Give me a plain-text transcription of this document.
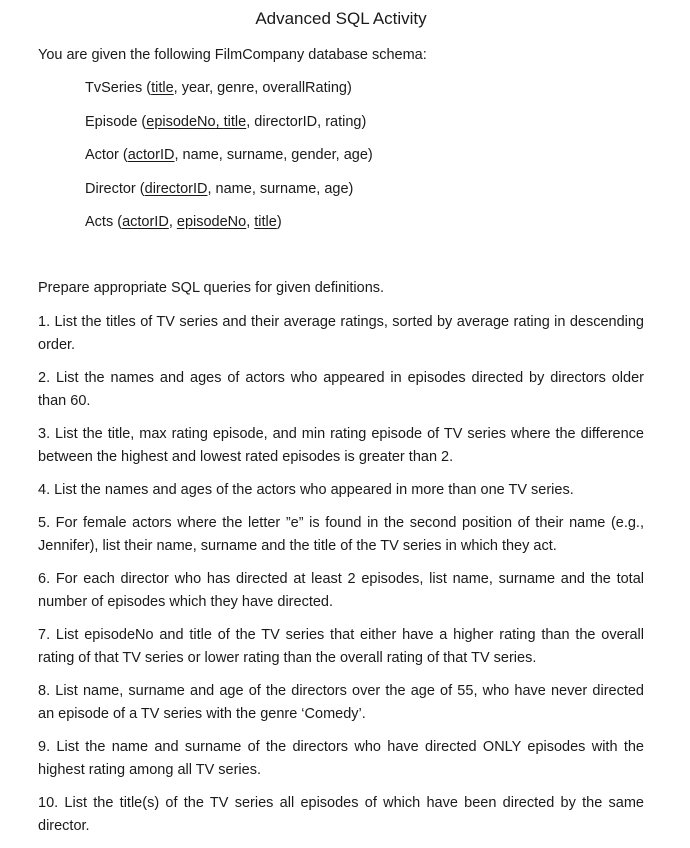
Advanced SQL Activity
You are given the following FilmCompany database schema:
TvSeries (title, year, genre, overallRating)
Episode (episodeNo, title, directorID, rating)
Actor (actorID, name, surname, gender, age)
Director (directorID, name, surname, age)
Acts (actorID, episodeNo, title)
Prepare appropriate SQL queries for given definitions.

1. List the titles of TV series and their average ratings, sorted by average rating in descending order.

2. List the names and ages of actors who appeared in episodes directed by directors older than 60.

3. List the title, max rating episode, and min rating episode of TV series where the difference between the highest and lowest rated episodes is greater than 2.

4. List the names and ages of the actors who appeared in more than one TV series.

5. For female actors where the letter ”e” is found in the second position of their name (e.g., Jennifer), list their name, surname and the title of the TV series in which they act.

6. For each director who has directed at least 2 episodes, list name, surname and the total number of episodes which they have directed.

7. List episodeNo and title of the TV series that either have a higher rating than the overall rating of that TV series or lower rating than the overall rating of that TV series.

8. List name, surname and age of the directors over the age of 55, who have never directed an episode of a TV series with the genre ‘Comedy’.

9. List the name and surname of the directors who have directed ONLY episodes with the highest rating among all TV series.

10. List the title(s) of the TV series all episodes of which have been directed by the same director.
